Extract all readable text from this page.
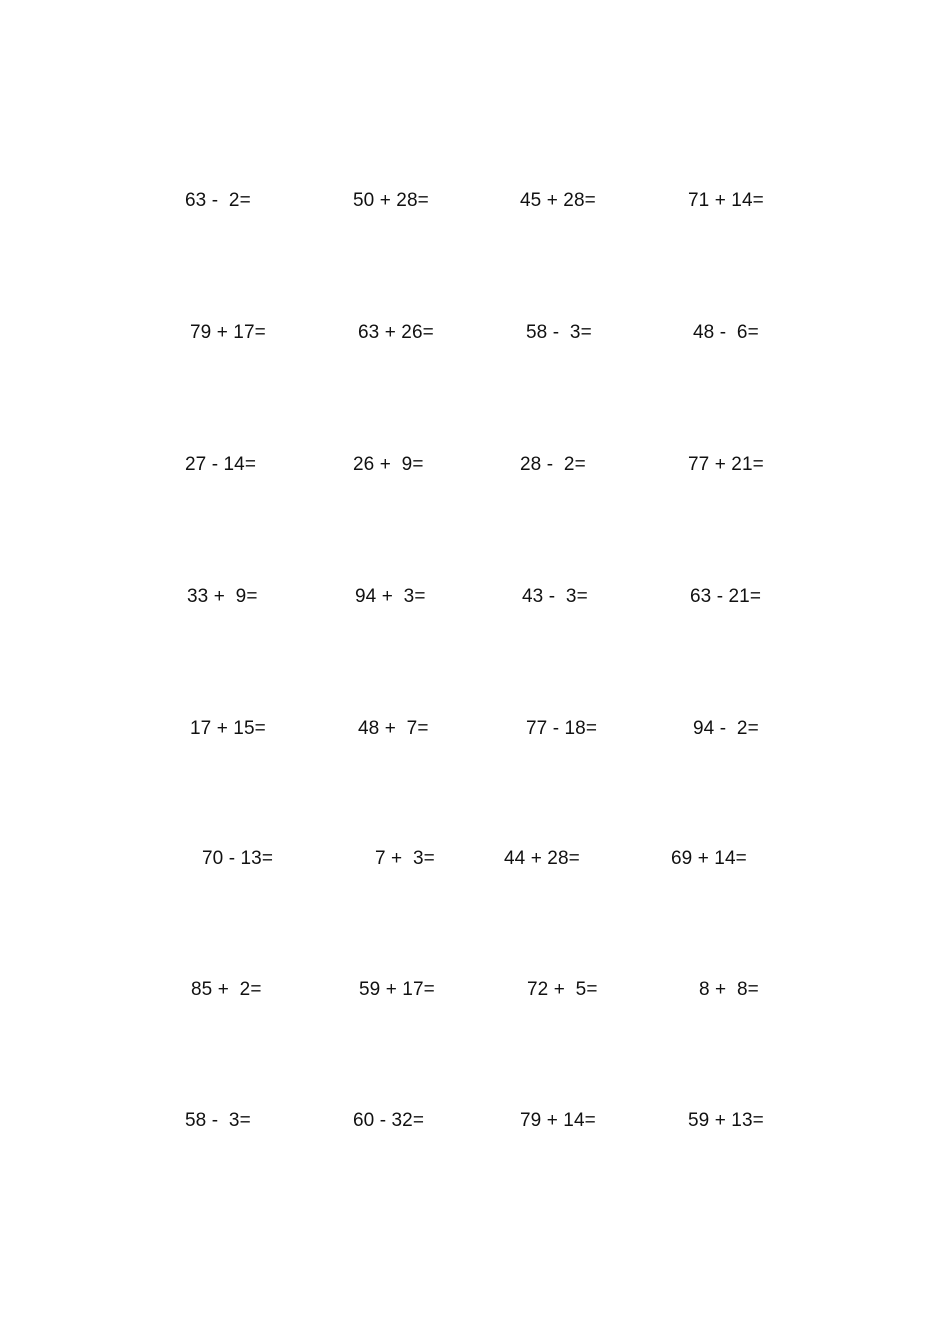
63 -  2=	50 + 28=	45 + 28=	71 + 14=
79 + 17=	63 + 26=	58 -  3=	48 -  6=
27 - 14=	26 +  9=	28 -  2=	77 + 21=
33 +  9=	94 +  3=	43 -  3=	63 - 21=
17 + 15=	48 +  7=	77 - 18=	94 -  2=
70 - 13=	7 +  3=	44 + 28=	69 + 14=
85 +  2=	59 + 17=	72 +  5=	8 +  8=
58 -  3=	60 - 32=	79 + 14=	59 + 13=
